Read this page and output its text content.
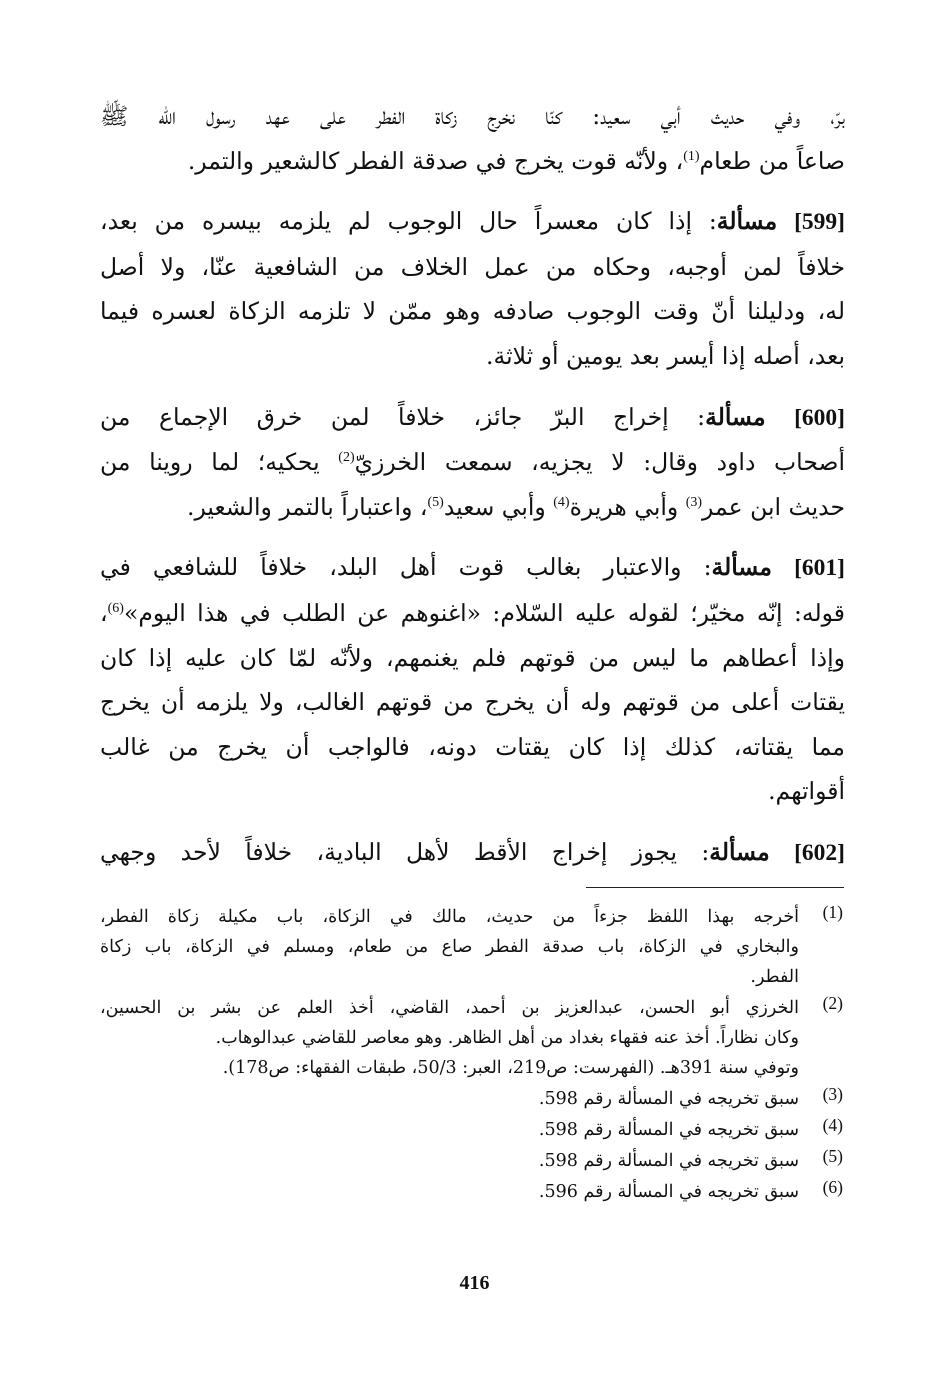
برّ، وفي حديث أبي سعيد: كنّا نخرج زكاة الفطر على عهد رسول الله ﷺ
صاعاً من طعام$^{(1)}$، ولأنّه قوت يخرج في صدقة الفطر كالشعير والتمر.

[599] مسألة: إذا كان معسراً حال الوجوب لم يلزمه بيسره من بعد،
خلافاً لمن أوجبه، وحكاه من عمل الخلاف من الشافعية عنّا، ولا أصل
له، ودليلنا أنّ وقت الوجوب صادفه وهو ممّن لا تلزمه الزكاة لعسره فيما
بعد، أصله إذا أيسر بعد يومين أو ثلاثة.

[600] مسألة: إخراج البرّ جائز، خلافاً لمن خرق الإجماع من
أصحاب داود وقال: لا يجزيه، سمعت الخرزيّ$^{(2)}$ يحكيه؛ لما روينا من
حديث ابن عمر$^{(3)}$ وأبي هريرة$^{(4)}$ وأبي سعيد$^{(5)}$، واعتباراً بالتمر والشعير.

[601] مسألة: والاعتبار بغالب قوت أهل البلد، خلافاً للشافعي في
قوله: إنّه مخيّر؛ لقوله عليه السّلام: «اغنوهم عن الطلب في هذا اليوم»$^{(6)}$،
وإذا أعطاهم ما ليس من قوتهم فلم يغنمهم، ولأنّه لمّا كان عليه إذا كان
يقتات أعلى من قوتهم وله أن يخرج من قوتهم الغالب، ولا يلزمه أن يخرج
مما يقتاته، كذلك إذا كان يقتات دونه، فالواجب أن يخرج من غالب
أقواتهم.

[602] مسألة: يجوز إخراج الأقط لأهل البادية، خلافاً لأحد وجهي

(1)
أخرجه بهذا اللفظ جزءاً من حديث، مالك في الزكاة، باب مكيلة زكاة الفطر،
والبخاري في الزكاة، باب صدقة الفطر صاع من طعام، ومسلم في الزكاة، باب زكاة
الفطر.
(2)
الخرزي أبو الحسن، عبدالعزيز بن أحمد، القاضي، أخذ العلم عن بشر بن الحسين،
وكان نظاراً. أخذ عنه فقهاء بغداد من أهل الظاهر. وهو معاصر للقاضي عبدالوهاب.
وتوفي سنة 391هـ. (الفهرست: ص219، العبر: 50/3، طبقات الفقهاء: ص178).
(3)
سبق تخريجه في المسألة رقم 598.
(4)
سبق تخريجه في المسألة رقم 598.
(5)
سبق تخريجه في المسألة رقم 598.
(6)
سبق تخريجه في المسألة رقم 596.
416
